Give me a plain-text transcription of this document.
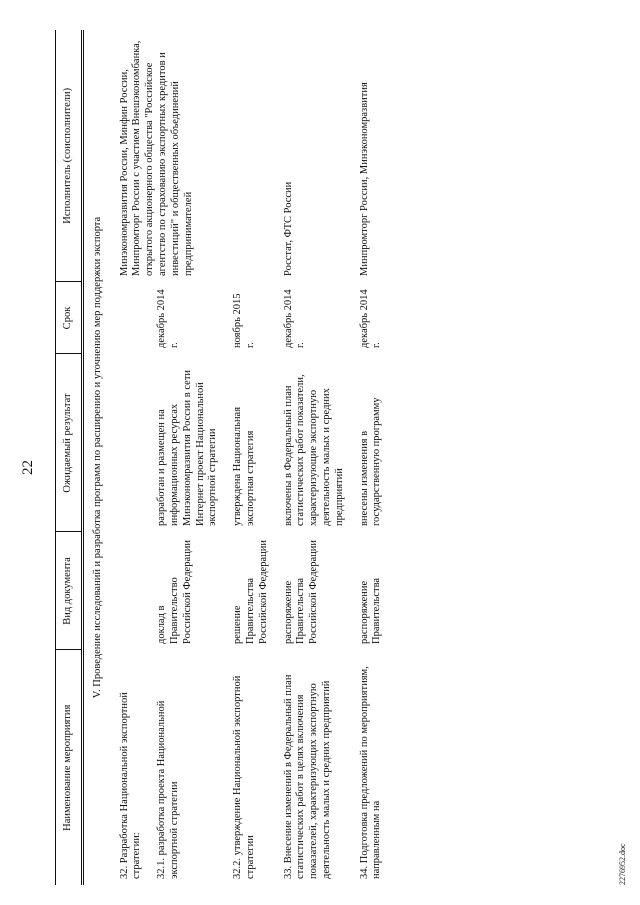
22
Наименование мероприятия	Вид документа	Ожидаемый результат	Срок	Исполнитель (соисполнители)

V. Проведение исследований и разработка программ по расширению и уточнению мер поддержки экспорта				
32. Разработка Национальной экспортной стратегии:				Минэкономразвития России, Минфин России, Минпромторг России с участием Внешэкономбанка, открытого акционерного общества "Российское агентство по страхованию экспортных кредитов и инвестиций" и общественных объединений предпринимателей
32.1. разработка проекта Национальной экспортной стратегии	доклад в Правительство Российской Федерации	разработан и размещен на информационных ресурсах Минэкономразвития России в сети Интернет проект Национальной экспортной стратегии	декабрь 2014 г.	
32.2. утверждение Национальной экспортной стратегии	решение Правительства Российской Федерации	утверждена Национальная экспортная стратегия	ноябрь 2015 г.	
33. Внесение изменений в Федеральный план статистических работ в целях включения показателей, характеризующих экспортную деятельность малых и средних предприятий	распоряжение Правительства Российской Федерации	включены в Федеральный план статистических работ показатели, характеризующие экспортную деятельность малых и средних предприятий	декабрь 2014 г.	Росстат, ФТС России
34. Подготовка предложений по мероприятиям, направленным на	распоряжение Правительства	внесены изменения в государственную программу	декабрь 2014 г.	Минпромторг России, Минэкономразвития
2276952.doc
